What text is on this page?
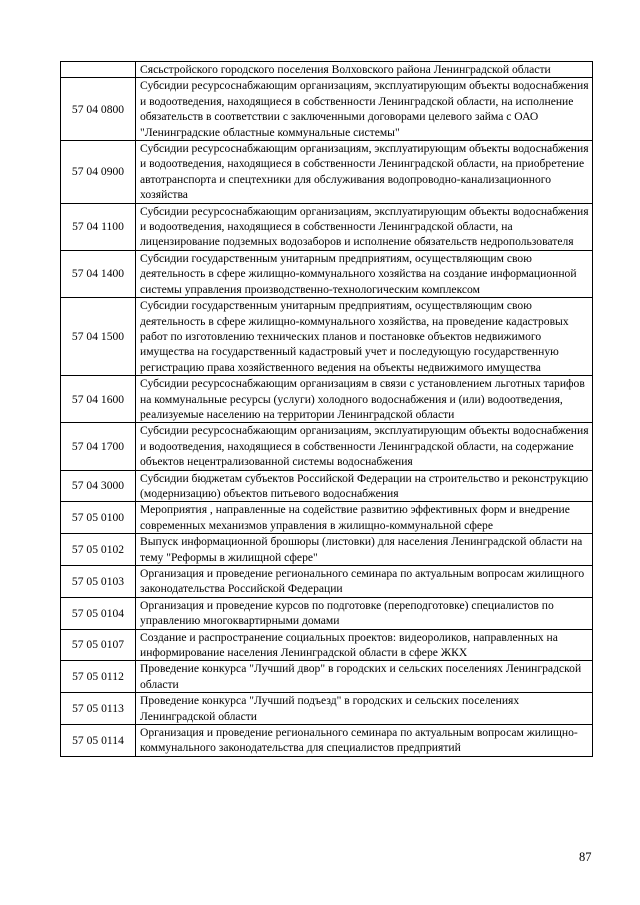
	Сясьстройского городского поселения Волховского района Ленинградской области
57 04 0800	Субсидии ресурсоснабжающим организациям, эксплуатирующим объекты водоснабжения и водоотведения, находящиеся в собственности Ленинградской области, на исполнение обязательств в соответствии с заключенными договорами целевого займа с ОАО "Ленинградские областные коммунальные системы"
57 04 0900	Субсидии ресурсоснабжающим организациям, эксплуатирующим объекты водоснабжения и водоотведения, находящиеся в собственности Ленинградской области, на приобретение автотранспорта и спецтехники для обслуживания водопроводно-канализационного хозяйства
57 04 1100	Субсидии ресурсоснабжающим организациям, эксплуатирующим объекты водоснабжения и водоотведения, находящиеся в собственности Ленинградской области, на лицензирование подземных водозаборов и исполнение обязательств недропользователя
57 04 1400	Субсидии государственным унитарным предприятиям, осуществляющим свою деятельность в сфере жилищно-коммунального хозяйства на создание информационной системы управления производственно-технологическим комплексом
57 04 1500	Субсидии государственным унитарным предприятиям, осуществляющим свою деятельность в сфере жилищно-коммунального хозяйства, на проведение кадастровых работ по изготовлению технических планов и постановке объектов недвижимого имущества на государственный кадастровый учет и последующую государственную регистрацию права хозяйственного ведения на объекты недвижимого имущества
57 04 1600	Субсидии ресурсоснабжающим организациям в связи с установлением льготных тарифов на коммунальные ресурсы (услуги) холодного водоснабжения и (или) водоотведения, реализуемые населению на территории Ленинградской области
57 04 1700	Субсидии ресурсоснабжающим организациям, эксплуатирующим объекты водоснабжения и водоотведения, находящиеся в собственности Ленинградской области, на содержание объектов нецентрализованной системы водоснабжения
57 04 3000	Субсидии бюджетам субъектов Российской Федерации на строительство и реконструкцию (модернизацию) объектов питьевого водоснабжения
57 05 0100	Мероприятия , направленные на содействие развитию эффективных форм и внедрение современных механизмов управления в жилищно-коммунальной сфере
57 05 0102	Выпуск информационной брошюры (листовки) для населения Ленинградской области на тему "Реформы в жилищной сфере"
57 05 0103	Организация и проведение регионального семинара по актуальным вопросам жилищного законодательства Российской Федерации
57 05 0104	Организация и проведение курсов по подготовке (переподготовке) специалистов по управлению многоквартирными домами
57 05 0107	Создание и распространение социальных проектов: видеороликов, направленных на информирование населения Ленинградской области в сфере ЖКХ
57 05 0112	Проведение конкурса "Лучший двор" в городских и сельских поселениях Ленинградской области
57 05 0113	Проведение конкурса "Лучший подъезд" в городских и сельских поселениях Ленинградской области
57 05 0114	Организация и проведение регионального семинара по актуальным вопросам жилищно-коммунального законодательства для специалистов предприятий
87
